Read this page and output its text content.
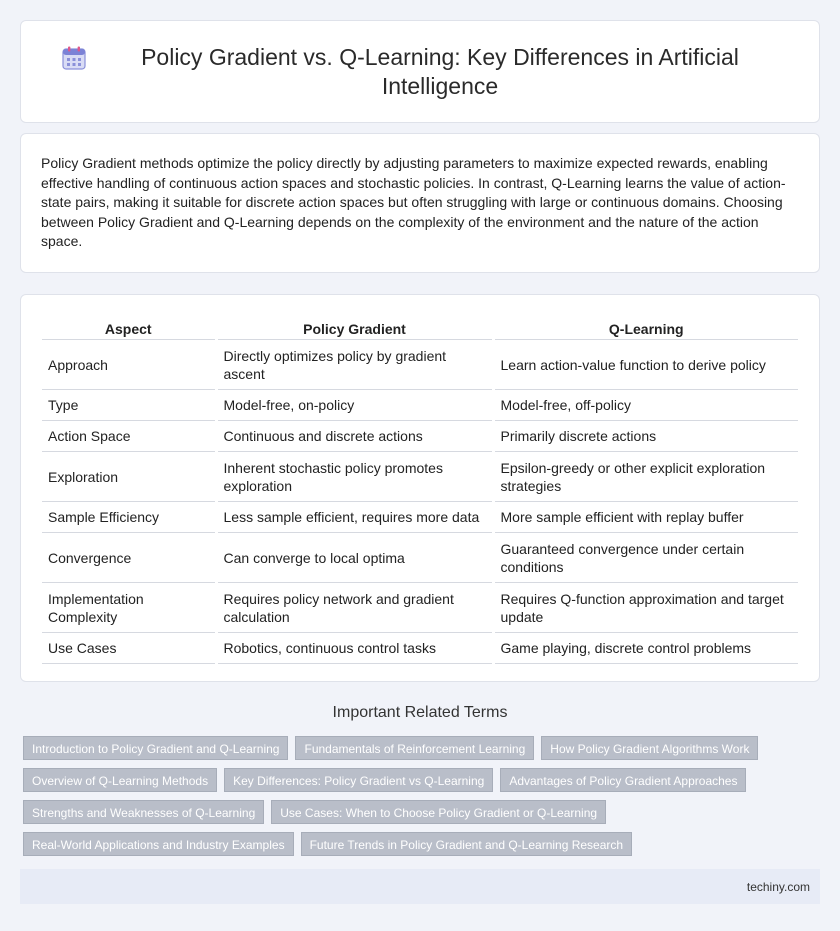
Policy Gradient vs. Q-Learning: Key Differences in Artificial Intelligence

Policy Gradient methods optimize the policy directly by adjusting parameters to maximize expected rewards, enabling effective handling of continuous action spaces and stochastic policies. In contrast, Q-Learning learns the value of action-state pairs, making it suitable for discrete action spaces but often struggling with large or continuous domains. Choosing between Policy Gradient and Q-Learning depends on the complexity of the environment and the nature of the action space.

Aspect	Policy Gradient	Q-Learning
Approach	Directly optimizes policy by gradient ascent	Learn action-value function to derive policy
Type	Model-free, on-policy	Model-free, off-policy
Action Space	Continuous and discrete actions	Primarily discrete actions
Exploration	Inherent stochastic policy promotes exploration	Epsilon-greedy or other explicit exploration strategies
Sample Efficiency	Less sample efficient, requires more data	More sample efficient with replay buffer
Convergence	Can converge to local optima	Guaranteed convergence under certain conditions
Implementation Complexity	Requires policy network and gradient calculation	Requires Q-function approximation and target update
Use Cases	Robotics, continuous control tasks	Game playing, discrete control problems
Important Related Terms
Introduction to Policy Gradient and Q-Learning	Fundamentals of Reinforcement Learning	How Policy Gradient Algorithms Work
Overview of Q-Learning Methods	Key Differences: Policy Gradient vs Q-Learning	Advantages of Policy Gradient Approaches
Strengths and Weaknesses of Q-Learning	Use Cases: When to Choose Policy Gradient or Q-Learning
Real-World Applications and Industry Examples	Future Trends in Policy Gradient and Q-Learning Research
techiny.com
